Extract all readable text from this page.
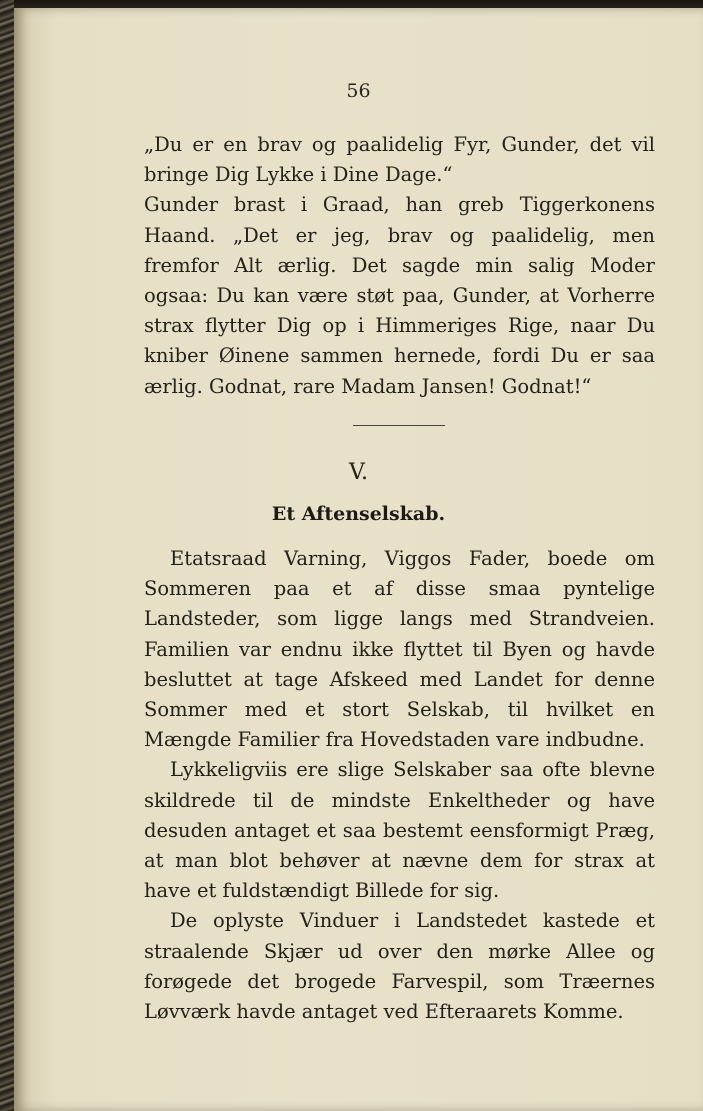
56

„Du er en brav og paalidelig Fyr, Gunder, det vil bringe Dig Lykke i Dine Dage.“

Gunder brast i Graad, han greb Tiggerkonens Haand. „Det er jeg, brav og paalidelig, men fremfor Alt ærlig. Det sagde min salig Moder ogsaa: Du kan være støt paa, Gunder, at Vorherre strax flytter Dig op i Himmeriges Rige, naar Du kniber Øinene sammen hernede, fordi Du er saa ærlig. Godnat, rare Madam Jansen! Godnat!“

V.
Et Aftenselskab.

Etatsraad Varning, Viggos Fader, boede om Sommeren paa et af disse smaa pyntelige Landsteder, som ligge langs med Strandveien. Familien var endnu ikke flyttet til Byen og havde besluttet at tage Afskeed med Landet for denne Sommer med et stort Selskab, til hvilket en Mængde Familier fra Hovedstaden vare indbudne.

Lykkeligviis ere slige Selskaber saa ofte blevne skildrede til de mindste Enkeltheder og have desuden antaget et saa bestemt eensformigt Præg, at man blot behøver at nævne dem for strax at have et fuldstændigt Billede for sig.

De oplyste Vinduer i Landstedet kastede et straalende Skjær ud over den mørke Allee og forøgede det brogede Farvespil, som Træernes Løvværk havde antaget ved Efteraarets Komme.
